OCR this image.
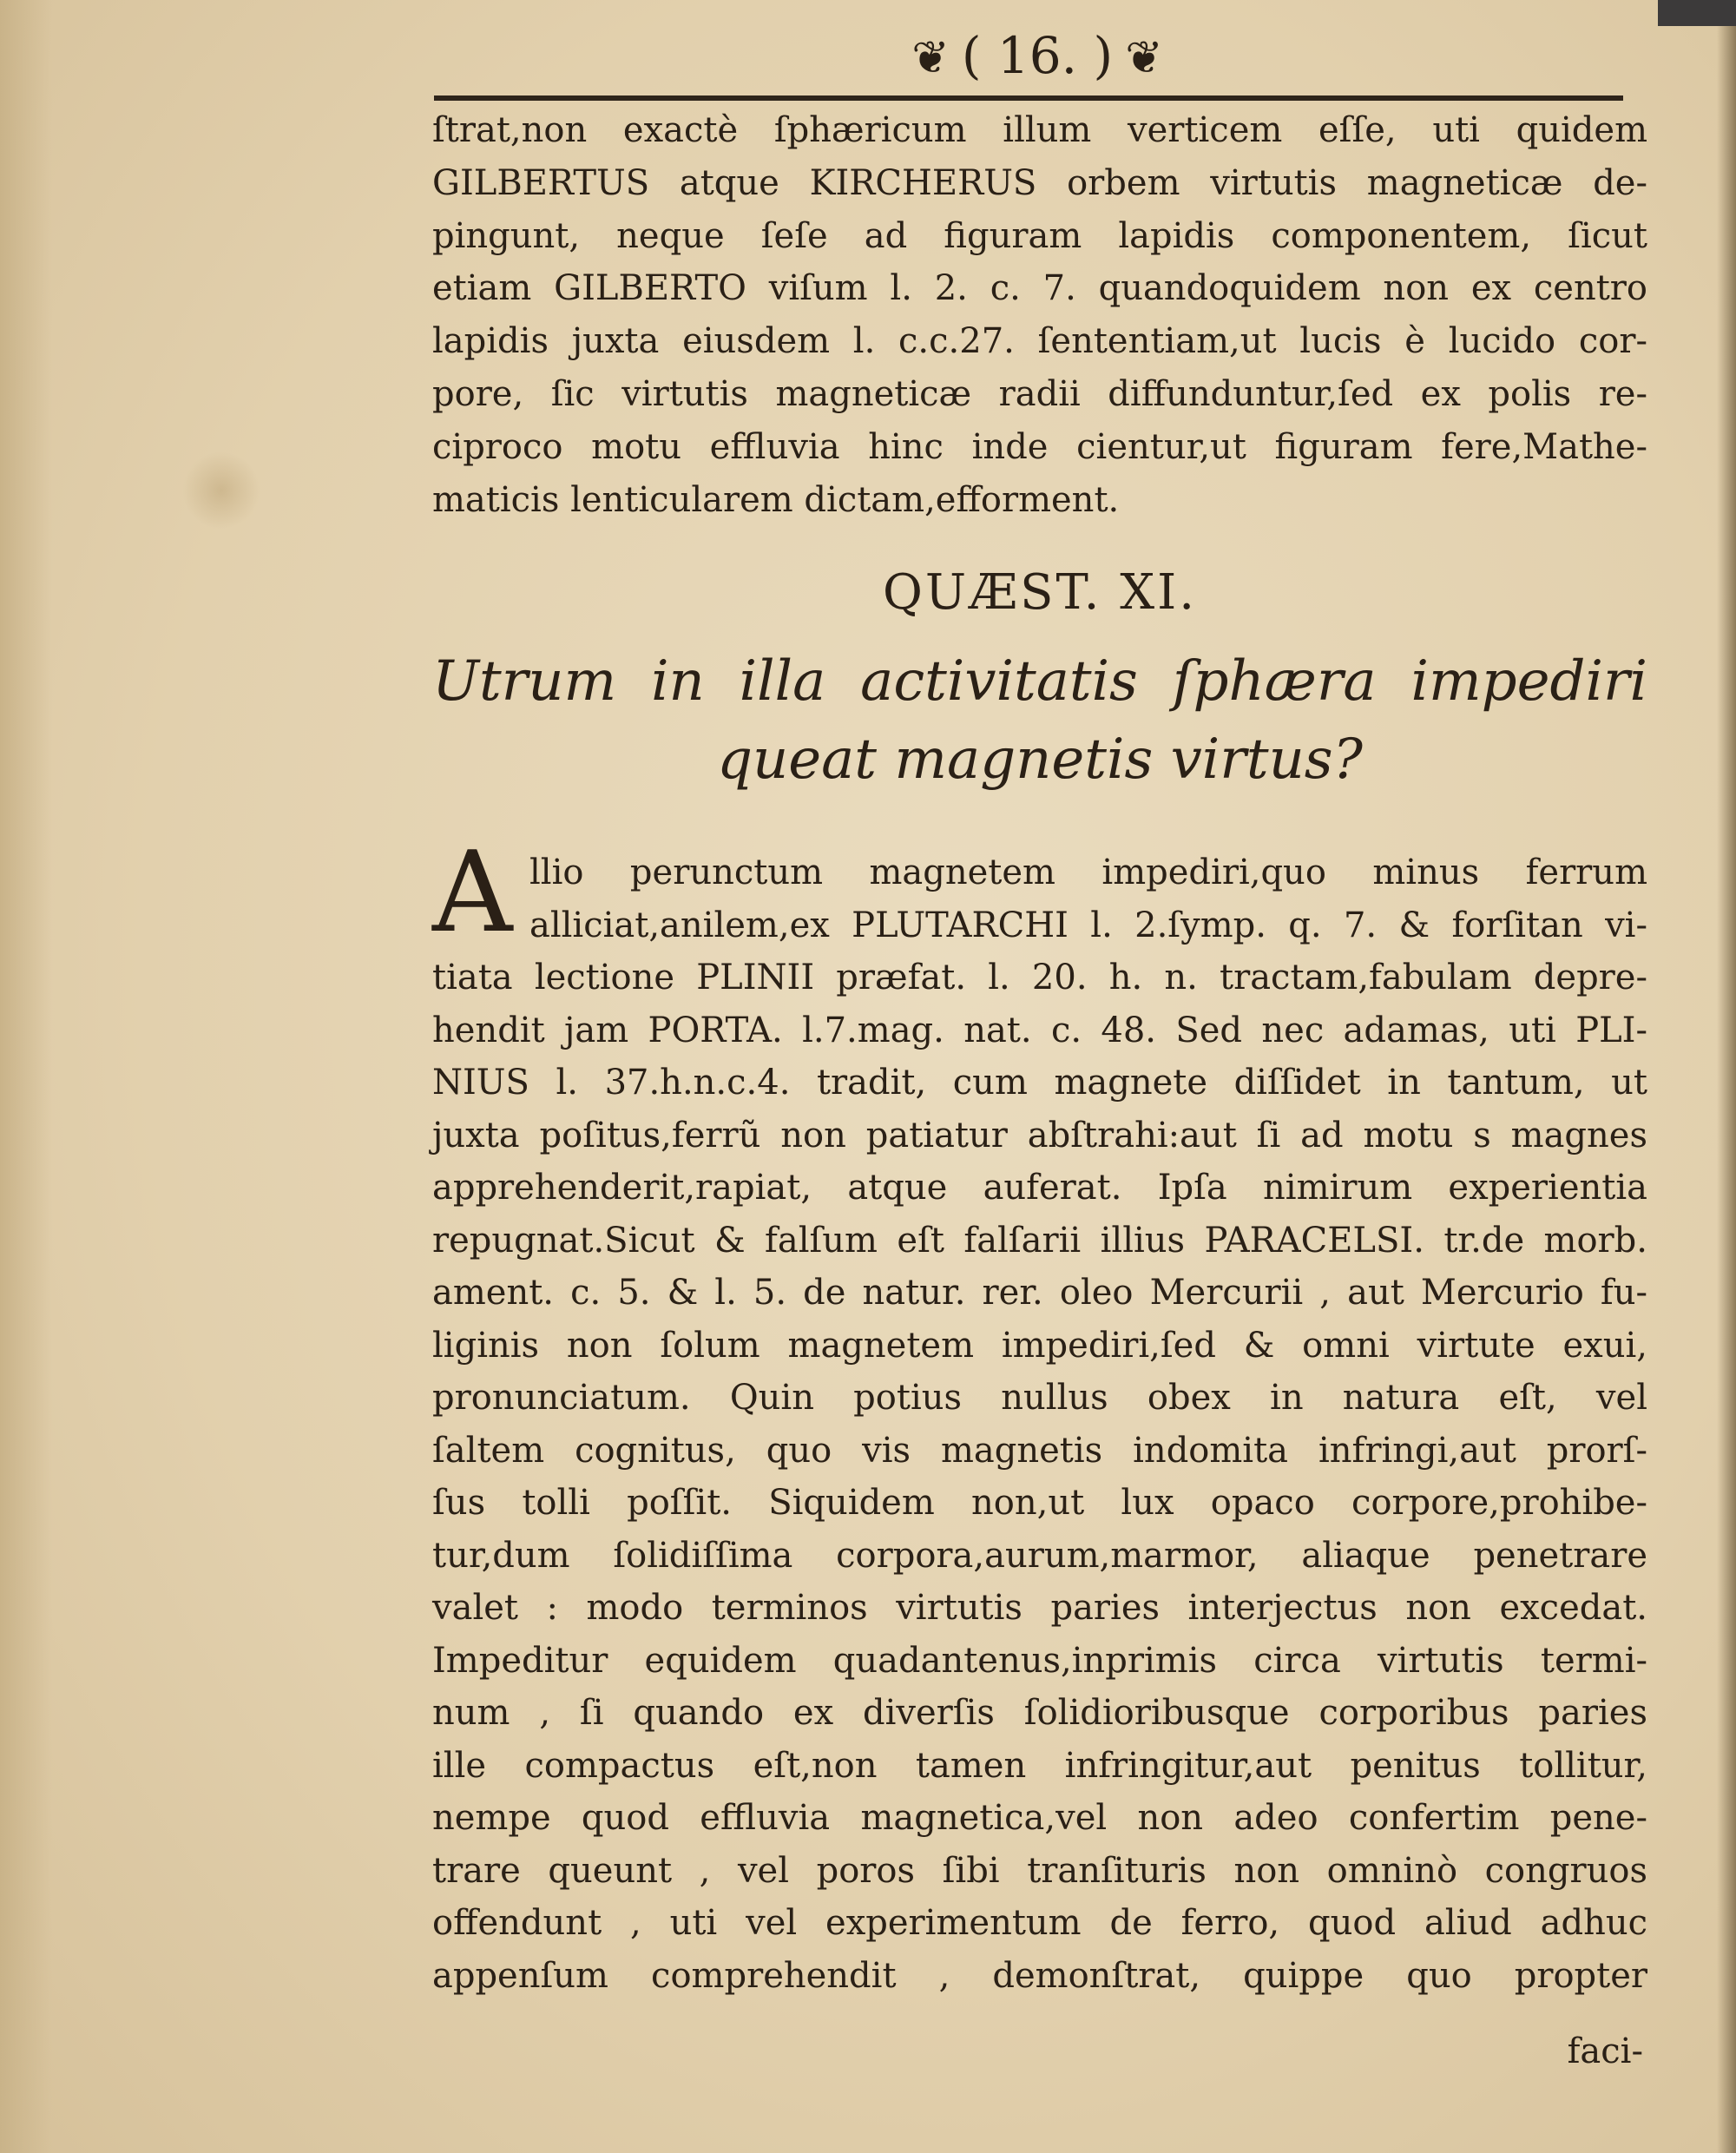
❦ ( 16. ) ❦
ſtrat,non exactè ſphæricum illum verticem eſſe, uti quidem
GILBERTUS atque KIRCHERUS orbem virtutis magneticæ de-
pingunt, neque ſeſe ad figuram lapidis componentem, ſicut
etiam GILBERTO viſum l. 2. c. 7. quandoquidem non ex centro
lapidis juxta eiusdem l. c.c.27. ſententiam,ut lucis è lucido cor-
pore, ſic virtutis magneticæ radii diffunduntur,ſed ex polis re-
ciproco motu effluvia hinc inde cientur,ut figuram fere,Mathe-
maticis lenticularem dictam,efforment.
QUÆST. XI.
Utrum in illa activitatis ſphæra impediri
queat magnetis virtus?
A llio perunctum magnetem impediri,quo minus ferrum
alliciat,anilem,ex PLUTARCHI l. 2.ſymp. q. 7. & forſitan vi-
tiata lectione PLINII præfat. l. 20. h. n. tractam,fabulam depre-
hendit jam PORTA. l.7.mag. nat. c. 48. Sed nec adamas, uti PLI-
NIUS l. 37.h.n.c.4. tradit, cum magnete diſſidet in tantum, ut
juxta poſitus,ferrũ non patiatur abſtrahi:aut ſi ad motu s magnes
apprehenderit,rapiat, atque auferat. Ipſa nimirum experientia
repugnat.Sicut & falſum eſt falſarii illius PARACELSI. tr.de morb.
ament. c. 5. & l. 5. de natur. rer. oleo Mercurii , aut Mercurio fu-
liginis non ſolum magnetem impediri,ſed & omni virtute exui,
pronunciatum. Quin potius nullus obex in natura eſt, vel
ſaltem cognitus, quo vis magnetis indomita infringi,aut prorſ-
ſus tolli poſſit. Siquidem non,ut lux opaco corpore,prohibe-
tur,dum ſolidiſſima corpora,aurum,marmor, aliaque penetrare
valet : modo terminos virtutis paries interjectus non excedat.
Impeditur equidem quadantenus,inprimis circa virtutis termi-
num , ſi quando ex diverſis ſolidioribusque corporibus paries
ille compactus eſt,non tamen infringitur,aut penitus tollitur,
nempe quod effluvia magnetica,vel non adeo confertim pene-
trare queunt , vel poros ſibi tranſituris non omninò congruos
offendunt , uti vel experimentum de ferro, quod aliud adhuc
appenſum comprehendit , demonſtrat, quippe quo propter
faci-
